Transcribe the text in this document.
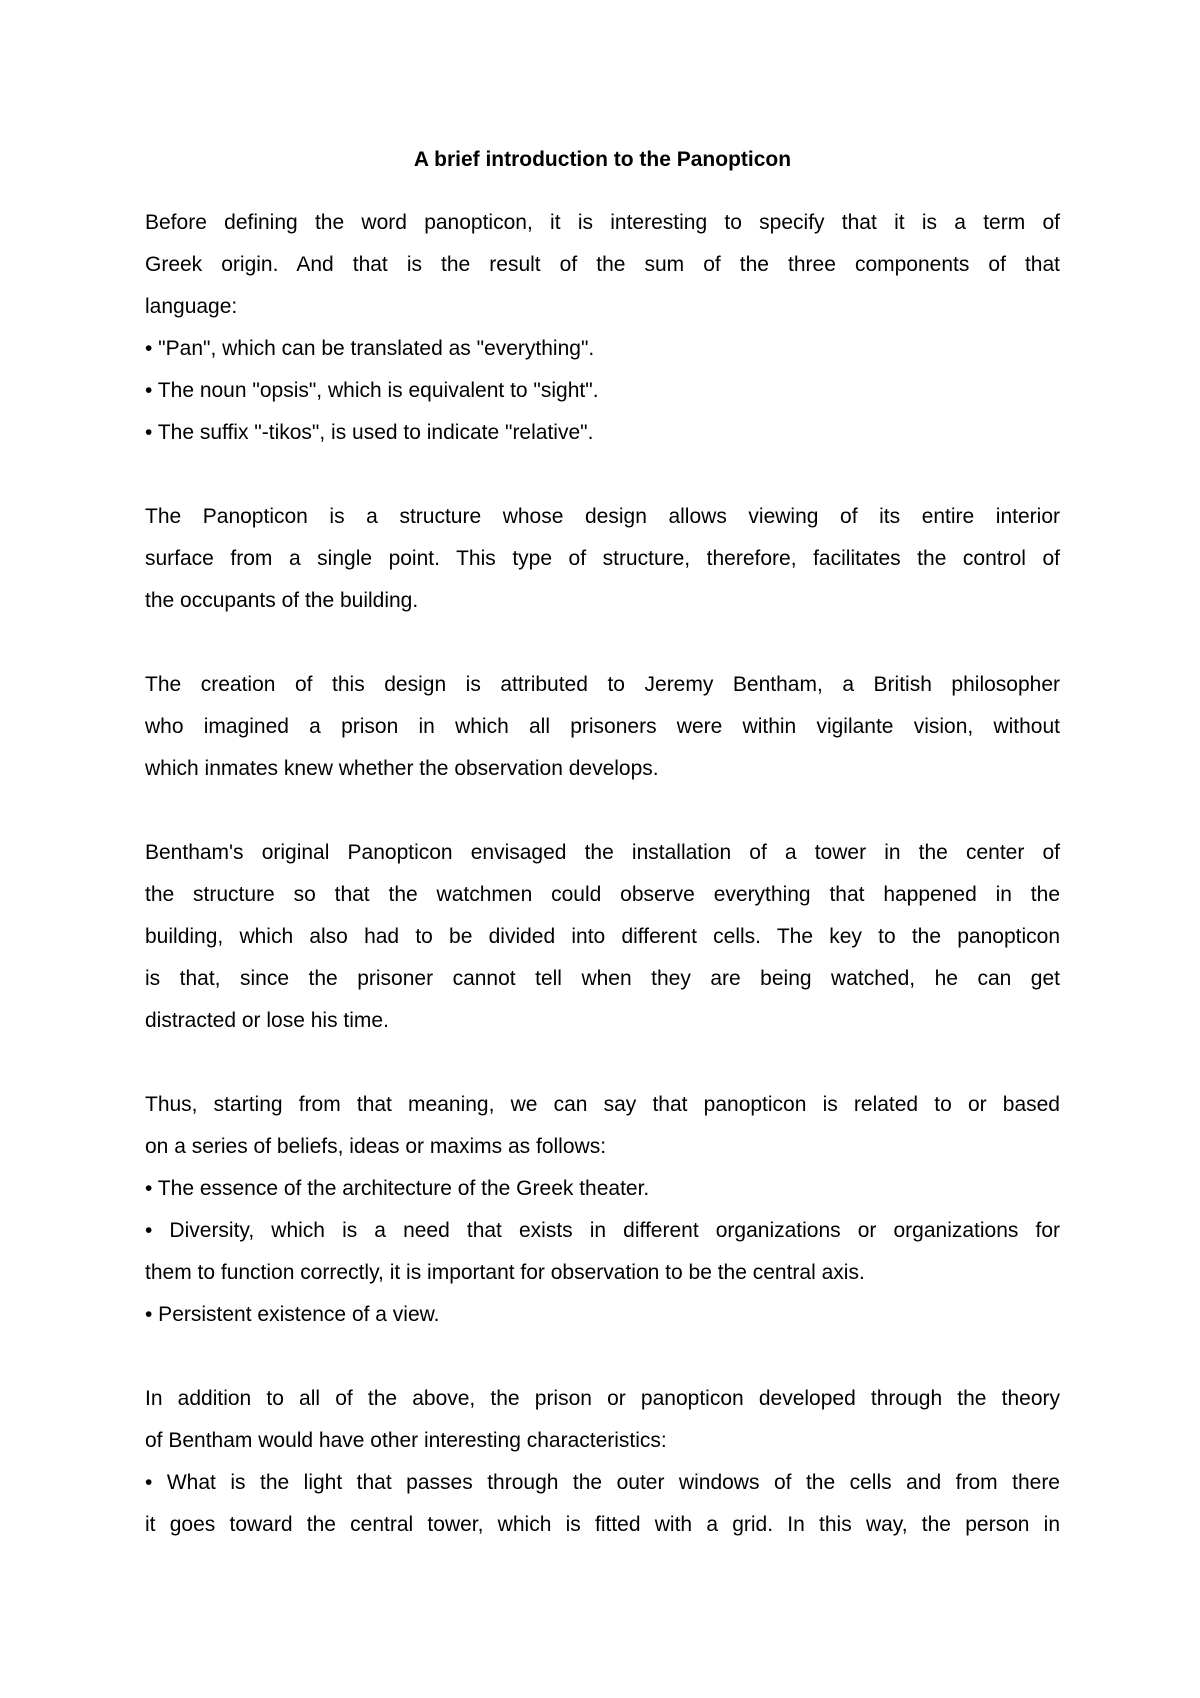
A brief introduction to the Panopticon
Before defining the word panopticon, it is interesting to specify that it is a term of
Greek origin. And that is the result of the sum of the three components of that
language:
• "Pan", which can be translated as "everything".
• The noun "opsis", which is equivalent to "sight".
• The suffix "-tikos", is used to indicate "relative".
The Panopticon is a structure whose design allows viewing of its entire interior
surface from a single point. This type of structure, therefore, facilitates the control of
the occupants of the building.
The creation of this design is attributed to Jeremy Bentham, a British philosopher
who imagined a prison in which all prisoners were within vigilante vision, without
which inmates knew whether the observation develops.
Bentham's original Panopticon envisaged the installation of a tower in the center of
the structure so that the watchmen could observe everything that happened in the
building, which also had to be divided into different cells. The key to the panopticon
is that, since the prisoner cannot tell when they are being watched, he can get
distracted or lose his time.
Thus, starting from that meaning, we can say that panopticon is related to or based
on a series of beliefs, ideas or maxims as follows:
• The essence of the architecture of the Greek theater.
• Diversity, which is a need that exists in different organizations or organizations for
them to function correctly, it is important for observation to be the central axis.
• Persistent existence of a view.
In addition to all of the above, the prison or panopticon developed through the theory
of Bentham would have other interesting characteristics:
• What is the light that passes through the outer windows of the cells and from there
it goes toward the central tower, which is fitted with a grid. In this way, the person in
